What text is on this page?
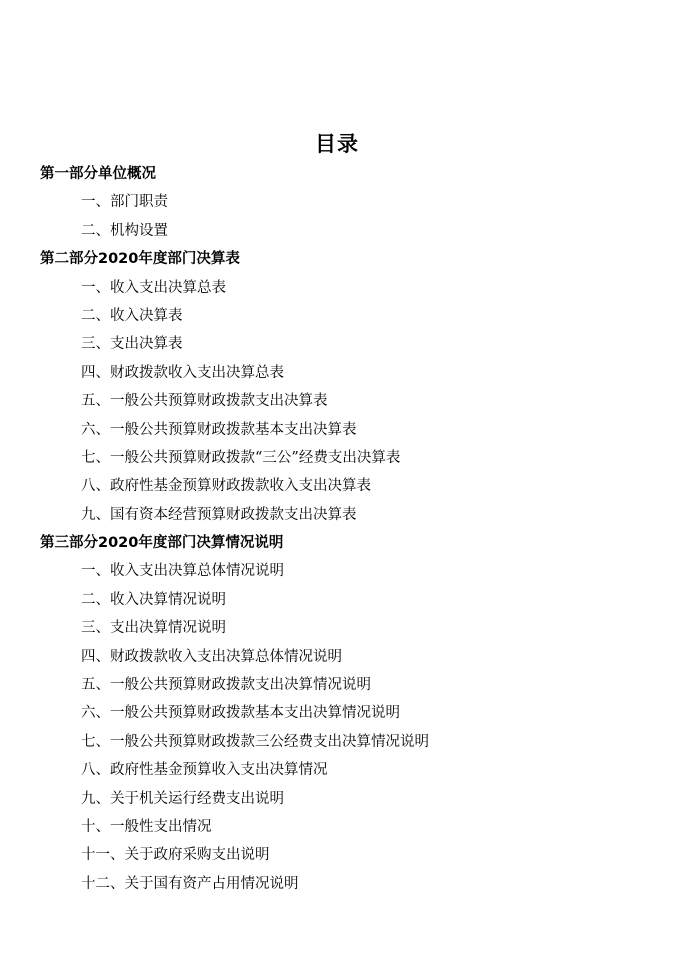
目录
第一部分单位概况
一、部门职责
二、机构设置
第二部分2020年度部门决算表
一、收入支出决算总表
二、收入决算表
三、支出决算表
四、财政拨款收入支出决算总表
五、一般公共预算财政拨款支出决算表
六、一般公共预算财政拨款基本支出决算表
七、一般公共预算财政拨款“三公”经费支出决算表
八、政府性基金预算财政拨款收入支出决算表
九、国有资本经营预算财政拨款支出决算表
第三部分2020年度部门决算情况说明
一、收入支出决算总体情况说明
二、收入决算情况说明
三、支出决算情况说明
四、财政拨款收入支出决算总体情况说明
五、一般公共预算财政拨款支出决算情况说明
六、一般公共预算财政拨款基本支出决算情况说明
七、一般公共预算财政拨款三公经费支出决算情况说明
八、政府性基金预算收入支出决算情况
九、关于机关运行经费支出说明
十、一般性支出情况
十一、关于政府采购支出说明
十二、关于国有资产占用情况说明
